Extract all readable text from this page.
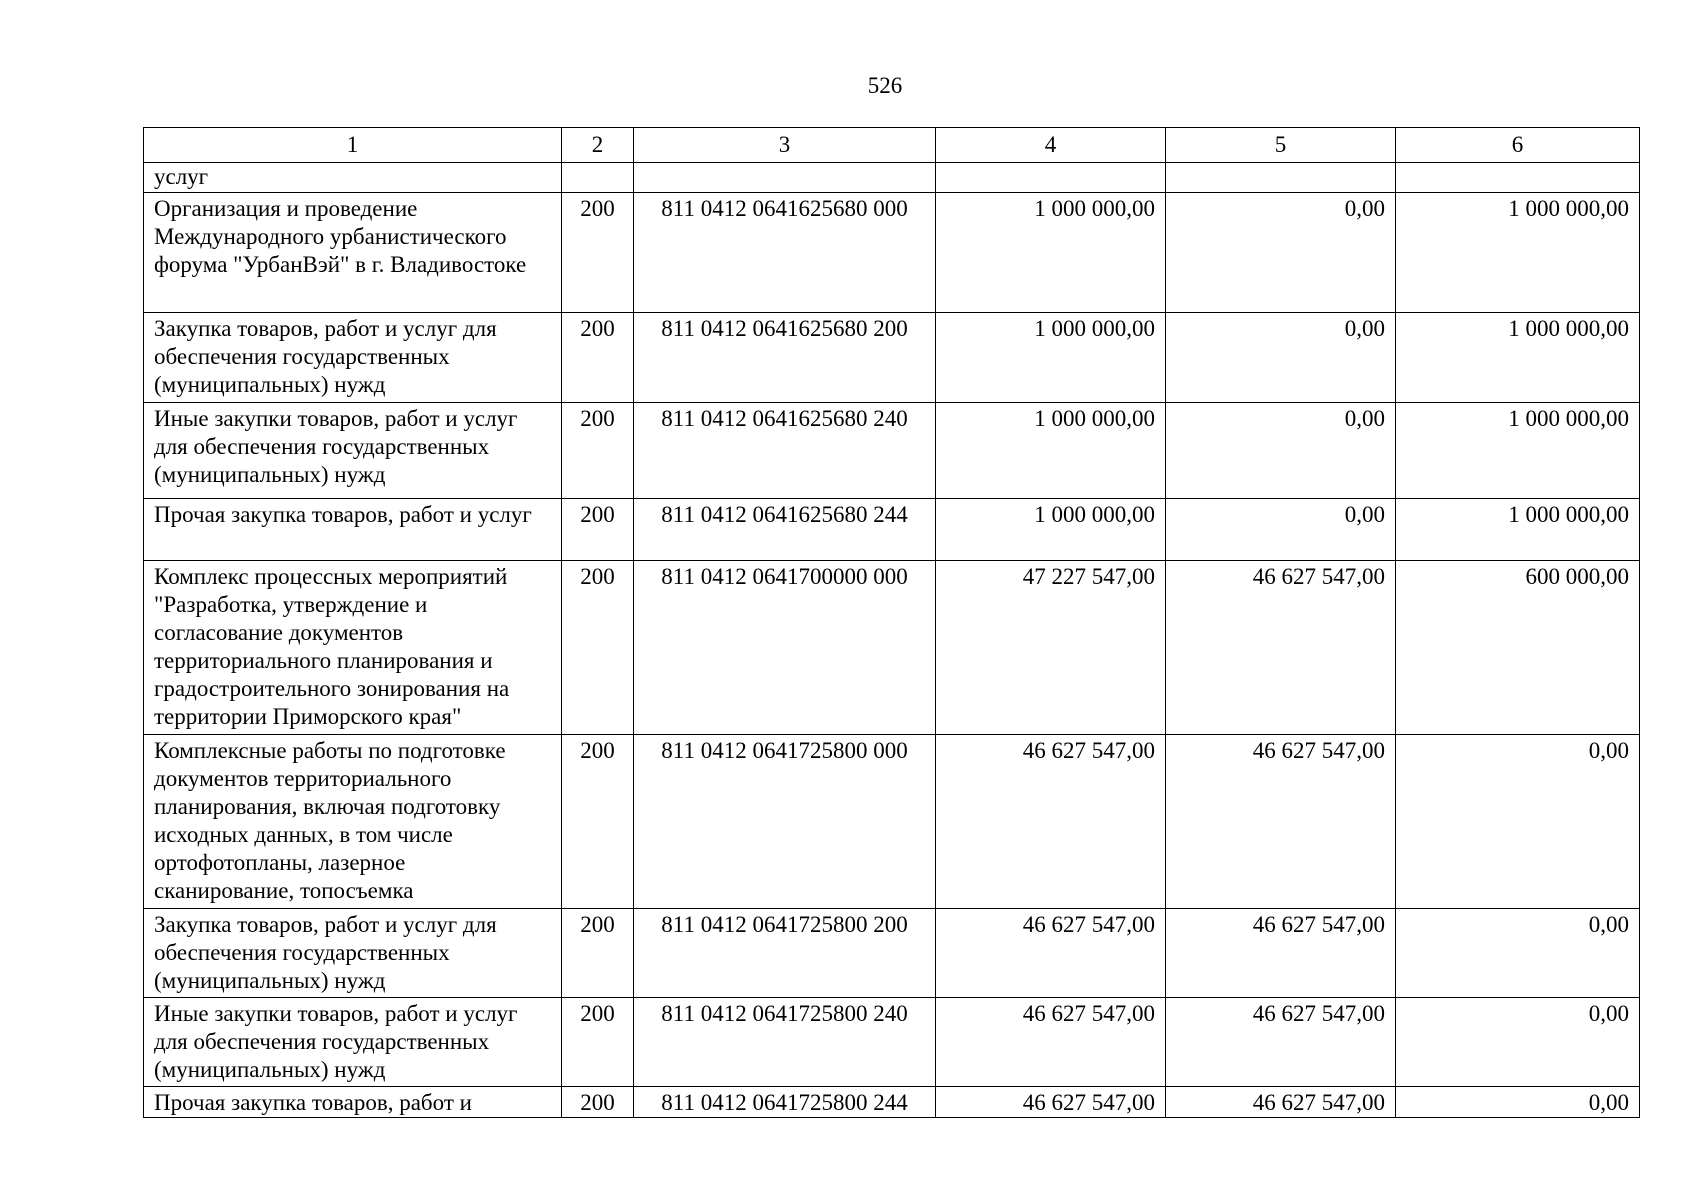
526
1	2	3	4	5	6
услуг					
Организация и проведение Международного урбанистического форума "УрбанВэй" в г. Владивостоке	200	811 0412 0641625680 000	1 000 000,00	0,00	1 000 000,00
Закупка товаров, работ и услуг для обеспечения государственных (муниципальных) нужд	200	811 0412 0641625680 200	1 000 000,00	0,00	1 000 000,00
Иные закупки товаров, работ и услуг для обеспечения государственных (муниципальных) нужд	200	811 0412 0641625680 240	1 000 000,00	0,00	1 000 000,00
Прочая закупка товаров, работ и услуг	200	811 0412 0641625680 244	1 000 000,00	0,00	1 000 000,00
Комплекс процессных мероприятий "Разработка, утверждение и согласование документов территориального планирования и градостроительного зонирования на территории Приморского края"	200	811 0412 0641700000 000	47 227 547,00	46 627 547,00	600 000,00
Комплексные работы по подготовке документов территориального планирования, включая подготовку исходных данных, в том числе ортофотопланы, лазерное сканирование, топосъемка	200	811 0412 0641725800 000	46 627 547,00	46 627 547,00	0,00
Закупка товаров, работ и услуг для обеспечения государственных (муниципальных) нужд	200	811 0412 0641725800 200	46 627 547,00	46 627 547,00	0,00
Иные закупки товаров, работ и услуг для обеспечения государственных (муниципальных) нужд	200	811 0412 0641725800 240	46 627 547,00	46 627 547,00	0,00
Прочая закупка товаров, работ и	200	811 0412 0641725800 244	46 627 547,00	46 627 547,00	0,00
